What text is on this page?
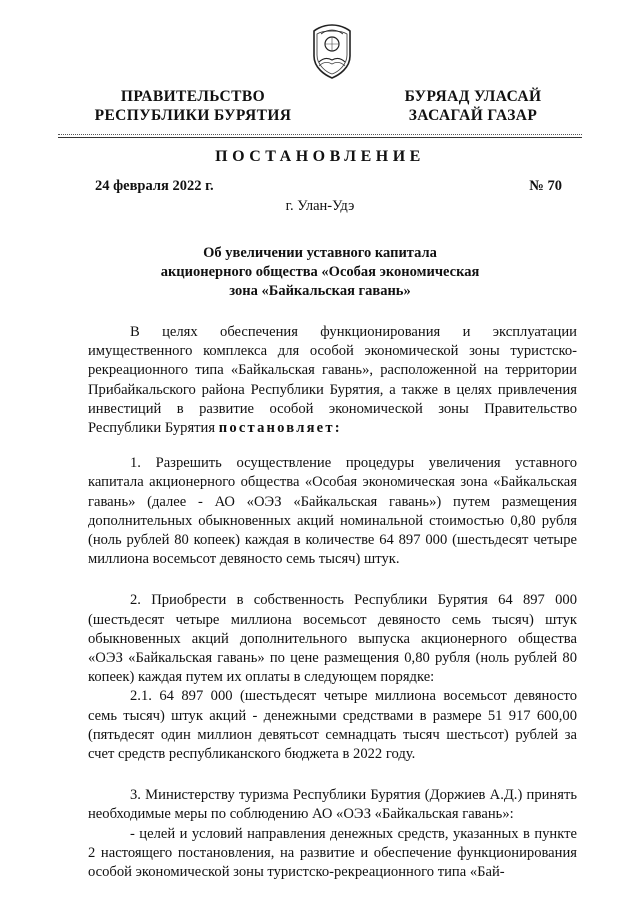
ПРАВИТЕЛЬСТВО
РЕСПУБЛИКИ БУРЯТИЯ
БУРЯАД УЛАСАЙ
ЗАСАГАЙ ГАЗАР
ПОСТАНОВЛЕНИЕ
24 февраля 2022 г.	№ 70
г. Улан-Удэ
Об увеличении уставного капитала
акционерного общества «Особая экономическая
зона «Байкальская гавань»

В целях обеспечения функционирования и эксплуатации имущественного комплекса для особой экономической зоны туристско-рекреационного типа «Байкальская гавань», расположенной на территории Прибайкальского района Республики Бурятия, а также в целях привлечения инвестиций в развитие особой экономической зоны Правительство Республики Бурятия постановляет:

1. Разрешить осуществление процедуры увеличения уставного капитала акционерного общества «Особая экономическая зона «Байкальская гавань» (далее - АО «ОЭЗ «Байкальская гавань») путем размещения дополнительных обыкновенных акций номинальной стоимостью 0,80 рубля (ноль рублей 80 копеек) каждая в количестве 64 897 000 (шестьдесят четыре миллиона восемьсот девяносто семь тысяч) штук.

2. Приобрести в собственность Республики Бурятия 64 897 000 (шестьдесят четыре миллиона восемьсот девяносто семь тысяч) штук обыкновенных акций дополнительного выпуска акционерного общества «ОЭЗ «Байкальская гавань» по цене размещения 0,80 рубля (ноль рублей 80 копеек) каждая путем их оплаты в следующем порядке:

2.1. 64 897 000 (шестьдесят четыре миллиона восемьсот девяносто семь тысяч) штук акций - денежными средствами в размере 51 917 600,00 (пятьдесят один миллион девятьсот семнадцать тысяч шестьсот) рублей за счет средств республиканского бюджета в 2022 году.

3. Министерству туризма Республики Бурятия (Доржиев А.Д.) принять необходимые меры по соблюдению АО «ОЭЗ «Байкальская гавань»:

- целей и условий направления денежных средств, указанных в пункте 2 настоящего постановления, на развитие и обеспечение функционирования особой экономической зоны туристско-рекреационного типа «Бай-
